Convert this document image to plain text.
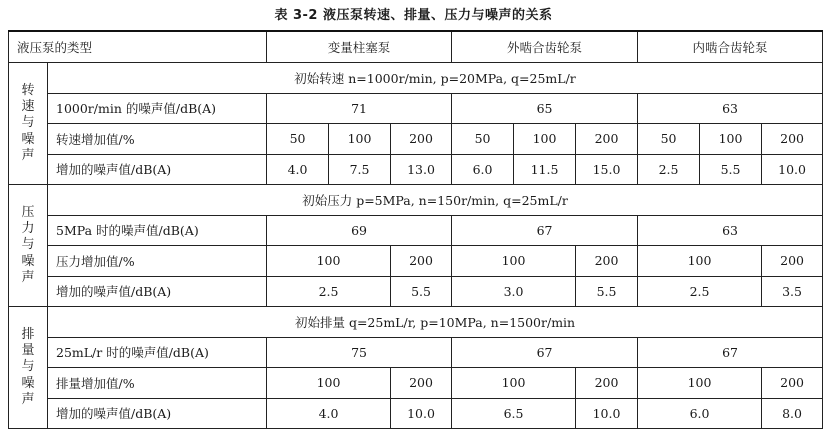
表 3-2 液压泵转速、排量、压力与噪声的关系
液压泵的类型		变量柱塞泵			外啮合齿轮泵			内啮合齿轮泵		

转
速
与
噪
声	初始转速 n=1000r/min, p=20MPa, q=25mL/r									
	1000r/min 的噪声值/dB(A)	71			65			63		
	转速增加值/%	50	100	200	50	100	200	50	100	200
	增加的噪声值/dB(A)	4.0	7.5	13.0	6.0	11.5	15.0	2.5	5.5	10.0

压
力
与
噪
声	初始压力 p=5MPa, n=150r/min, q=25mL/r									
	5MPa 时的噪声值/dB(A)	69			67			63		
	压力增加值/%	100		200	100		200	100		200
	增加的噪声值/dB(A)	2.5		5.5	3.0		5.5	2.5		3.5

排
量
与
噪
声	初始排量 q=25mL/r, p=10MPa, n=1500r/min									
	25mL/r 时的噪声值/dB(A)	75			67			67		
	排量增加值/%	100		200	100		200	100		200
	增加的噪声值/dB(A)	4.0		10.0	6.5		10.0	6.0		8.0
